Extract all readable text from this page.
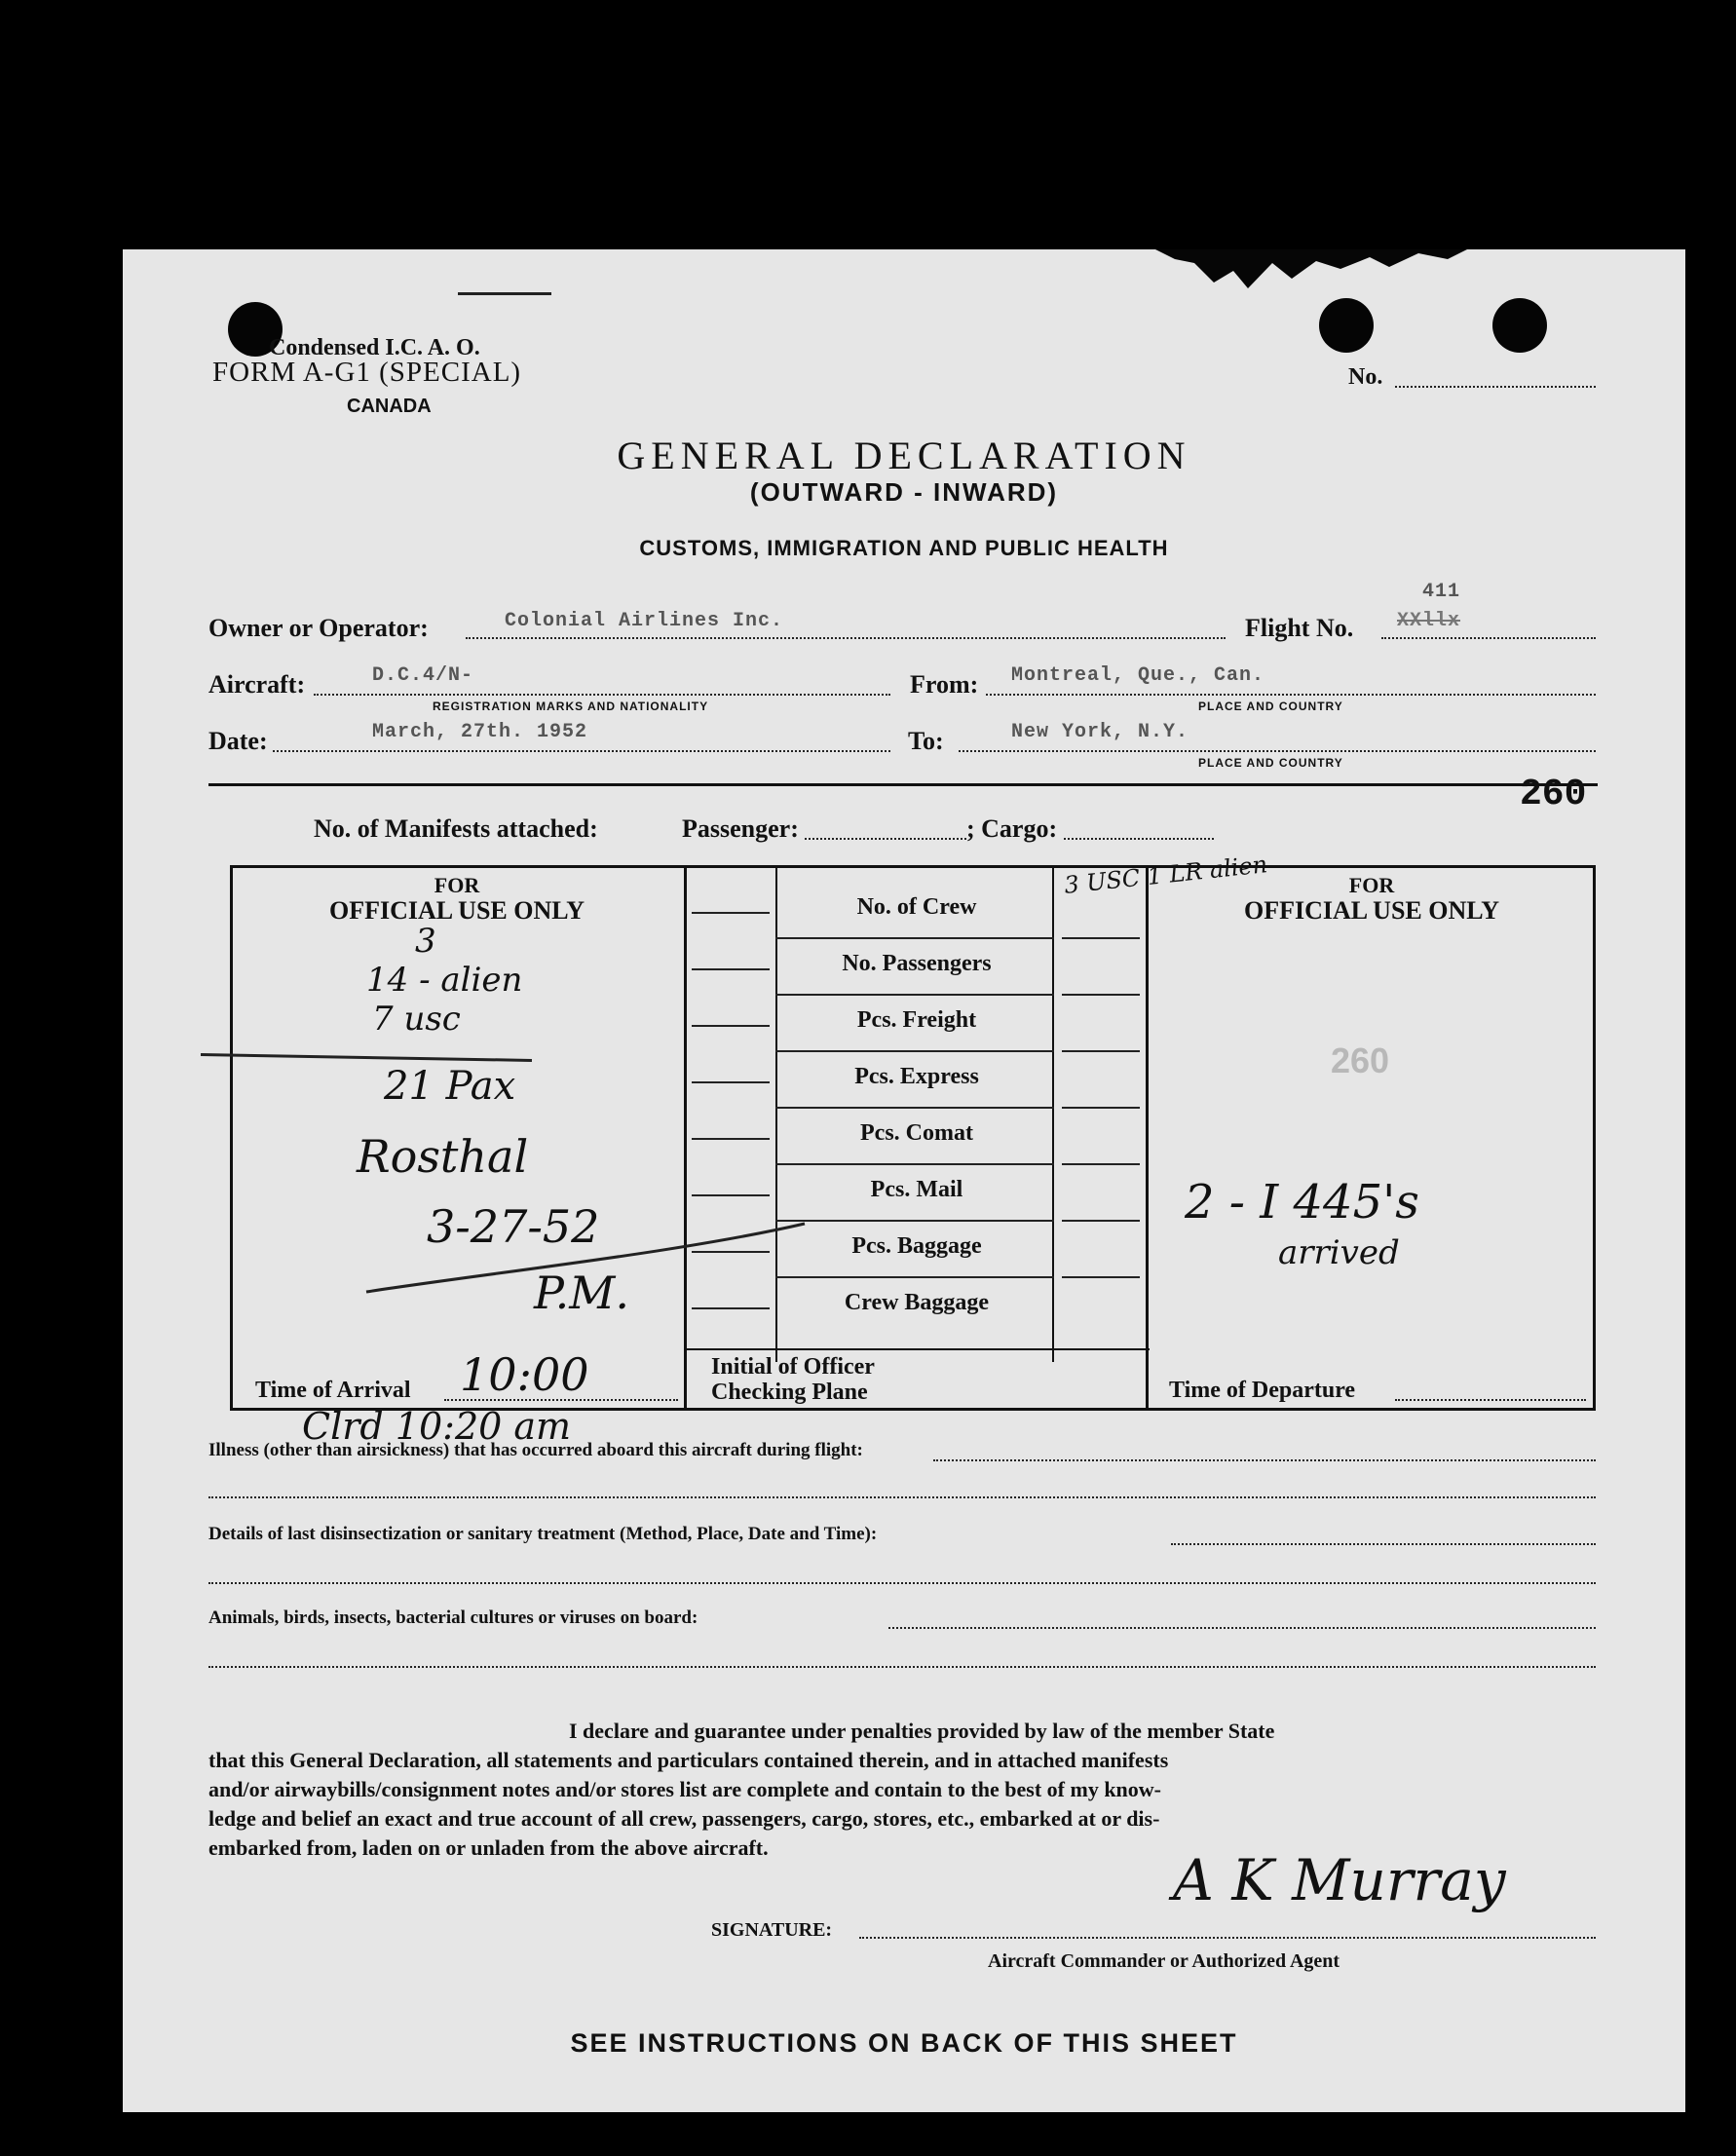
Condensed I.C. A. O.
FORM A-G1 (SPECIAL)
CANADA
No.
GENERAL DECLARATION
(OUTWARD - INWARD)
CUSTOMS, IMMIGRATION AND PUBLIC HEALTH
Owner or Operator:	Colonial Airlines Inc.	Flight No.
411
XXllx
Aircraft:	D.C.4/N-
REGISTRATION MARKS AND NATIONALITY
From: Montreal, Que., Can.
PLACE AND COUNTRY
Date:	March, 27th. 1952	To:	New York, N.Y.
PLACE AND COUNTRY
260
No. of Manifests attached:	Passenger:	; Cargo:
FOR
OFFICIAL USE ONLY
FOR
OFFICIAL USE ONLY
No. of Crew
No. Passengers
Pcs. Freight
Pcs. Express
Pcs. Comat
Pcs. Mail
Pcs. Baggage
Crew Baggage
Initial of Officer
Checking Plane
Time of Arrival	Time of Departure
260
3
14 - alien
7 usc
21 Pax
Rosthal
3-27-52
P.M.
10:00
Clrd 10:20 am
3 USC 1 LR alien
2 - I 445's
arrived
Illness (other than airsickness) that has occurred aboard this aircraft during flight:
Details of last disinsectization or sanitary treatment (Method, Place, Date and Time):
Animals, birds, insects, bacterial cultures or viruses on board:
I declare and guarantee under penalties provided by law of the member State
that this General Declaration, all statements and particulars contained therein, and in attached manifests
and/or airwaybills/consignment notes and/or stores list are complete and contain to the best of my know-
ledge and belief an exact and true account of all crew, passengers, cargo, stores, etc., embarked at or dis-
embarked from, laden on or unladen from the above aircraft.	A K Murray
SIGNATURE:
Aircraft Commander or Authorized Agent
SEE INSTRUCTIONS ON BACK OF THIS SHEET
